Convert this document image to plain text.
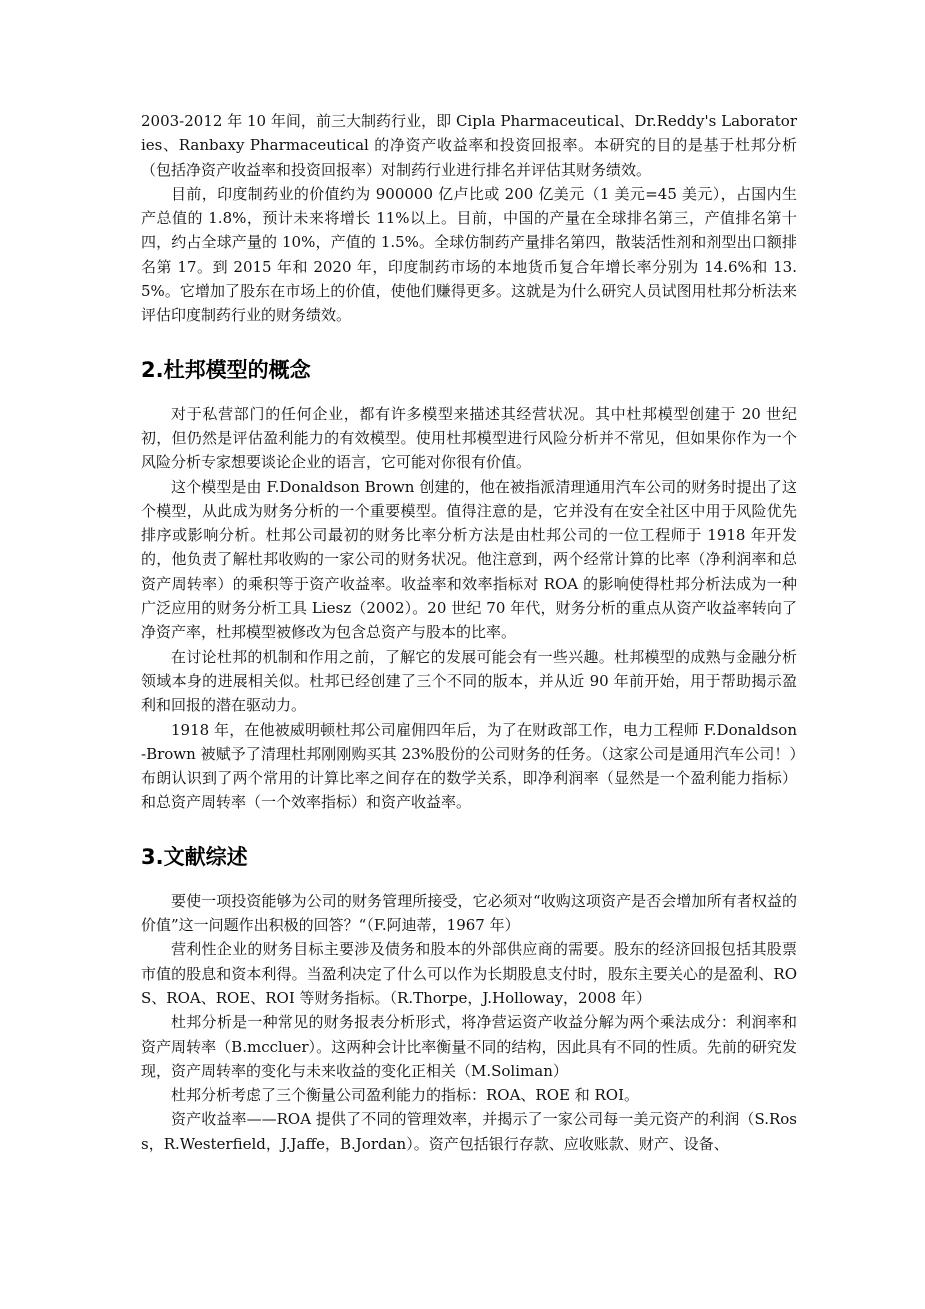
2003-2012 年 10 年间，前三大制药行业，即 Cipla Pharmaceutical、Dr.Reddy's Laboratories、Ranbaxy Pharmaceutical 的净资产收益率和投资回报率。本研究的目的是基于杜邦分析（包括净资产收益率和投资回报率）对制药行业进行排名并评估其财务绩效。

目前，印度制药业的价值约为 900000 亿卢比或 200 亿美元（1 美元=45 美元），占国内生产总值的 1.8%，预计未来将增长 11%以上。目前，中国的产量在全球排名第三，产值排名第十四，约占全球产量的 10%，产值的 1.5%。全球仿制药产量排名第四，散装活性剂和剂型出口额排名第 17。到 2015 年和 2020 年，印度制药市场的本地货币复合年增长率分别为 14.6%和 13.5%。它增加了股东在市场上的价值，使他们赚得更多。这就是为什么研究人员试图用杜邦分析法来评估印度制药行业的财务绩效。

2.杜邦模型的概念

对于私营部门的任何企业，都有许多模型来描述其经营状况。其中杜邦模型创建于 20 世纪初，但仍然是评估盈利能力的有效模型。使用杜邦模型进行风险分析并不常见，但如果你作为一个风险分析专家想要谈论企业的语言，它可能对你很有价值。

这个模型是由 F.Donaldson Brown 创建的，他在被指派清理通用汽车公司的财务时提出了这个模型，从此成为财务分析的一个重要模型。值得注意的是，它并没有在安全社区中用于风险优先排序或影响分析。杜邦公司最初的财务比率分析方法是由杜邦公司的一位工程师于 1918 年开发的，他负责了解杜邦收购的一家公司的财务状况。他注意到，两个经常计算的比率（净利润率和总资产周转率）的乘积等于资产收益率。收益率和效率指标对 ROA 的影响使得杜邦分析法成为一种广泛应用的财务分析工具 Liesz（2002）。20 世纪 70 年代，财务分析的重点从资产收益率转向了净资产率，杜邦模型被修改为包含总资产与股本的比率。

在讨论杜邦的机制和作用之前，了解它的发展可能会有一些兴趣。杜邦模型的成熟与金融分析领域本身的进展相关似。杜邦已经创建了三个不同的版本，并从近 90 年前开始，用于帮助揭示盈利和回报的潜在驱动力。

1918 年，在他被威明顿杜邦公司雇佣四年后，为了在财政部工作，电力工程师 F.Donaldson-Brown 被赋予了清理杜邦刚刚购买其 23%股份的公司财务的任务。（这家公司是通用汽车公司！）布朗认识到了两个常用的计算比率之间存在的数学关系，即净利润率（显然是一个盈利能力指标）和总资产周转率（一个效率指标）和资产收益率。

3.文献综述

要使一项投资能够为公司的财务管理所接受，它必须对“收购这项资产是否会增加所有者权益的价值”这一问题作出积极的回答？“（F.阿迪蒂，1967 年）

营利性企业的财务目标主要涉及债务和股本的外部供应商的需要。股东的经济回报包括其股票市值的股息和资本利得。当盈利决定了什么可以作为长期股息支付时，股东主要关心的是盈利、ROS、ROA、ROE、ROI 等财务指标。（R.Thorpe，J.Holloway，2008 年）

杜邦分析是一种常见的财务报表分析形式，将净营运资产收益分解为两个乘法成分：利润率和资产周转率（B.mccluer）。这两种会计比率衡量不同的结构，因此具有不同的性质。先前的研究发现，资产周转率的变化与未来收益的变化正相关（M.Soliman）

杜邦分析考虑了三个衡量公司盈利能力的指标：ROA、ROE 和 ROI。

资产收益率——ROA 提供了不同的管理效率，并揭示了一家公司每一美元资产的利润（S.Ross，R.Westerfield，J.Jaffe，B.Jordan）。资产包括银行存款、应收账款、财产、设备、
